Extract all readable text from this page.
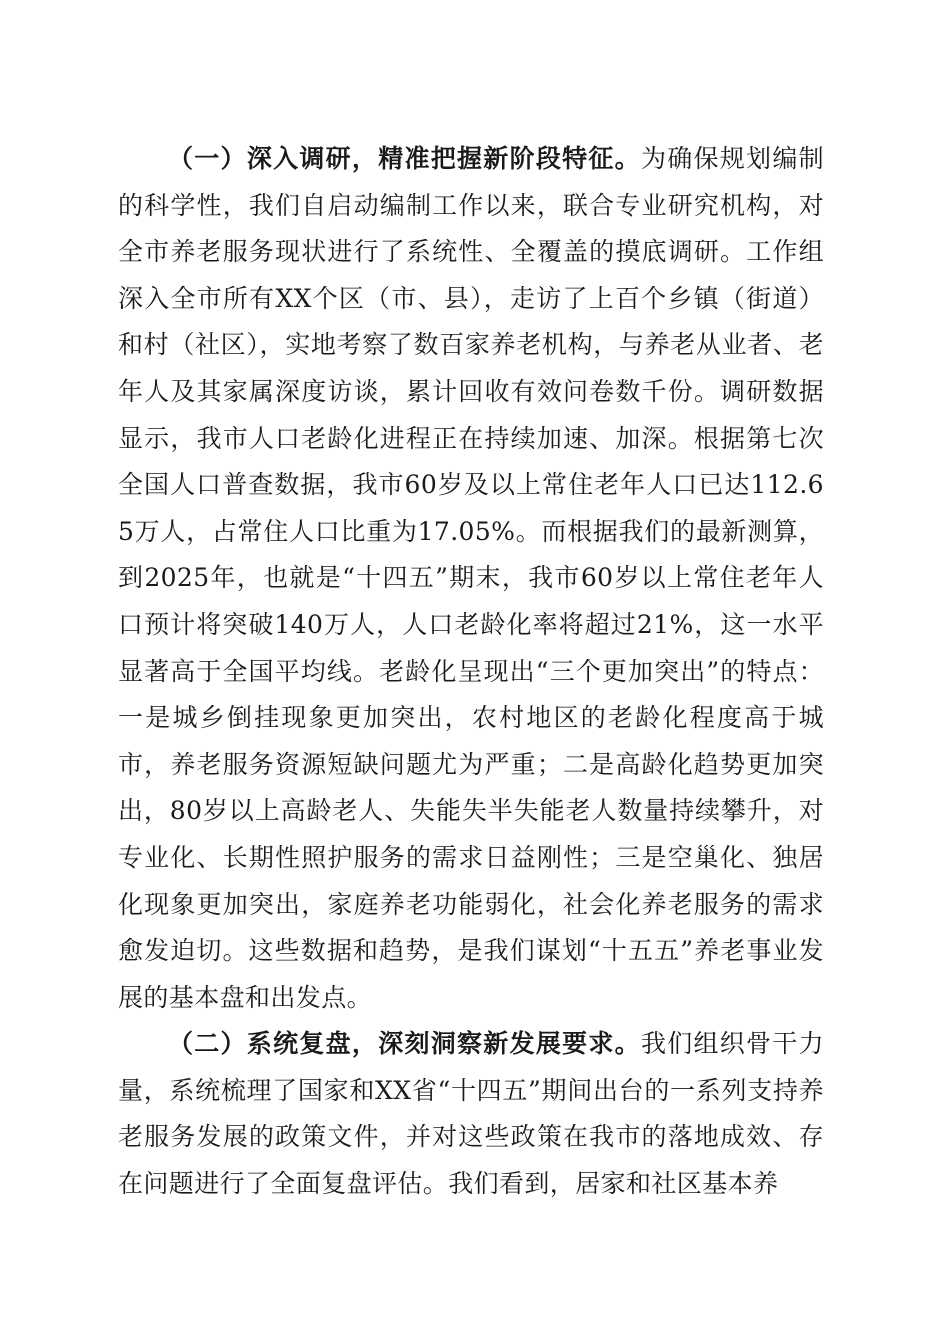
（一）深入调研，精准把握新阶段特征。为确保规划编制的科学性，我们自启动编制工作以来，联合专业研究机构，对全市养老服务现状进行了系统性、全覆盖的摸底调研。工作组深入全市所有XX个区（市、县），走访了上百个乡镇（街道）和村（社区），实地考察了数百家养老机构，与养老从业者、老年人及其家属深度访谈，累计回收有效问卷数千份。调研数据显示，我市人口老龄化进程正在持续加速、加深。根据第七次全国人口普查数据，我市60岁及以上常住老年人口已达112.65万人，占常住人口比重为17.05%。而根据我们的最新测算，到2025年，也就是“十四五”期末，我市60岁以上常住老年人口预计将突破140万人，人口老龄化率将超过21%，这一水平显著高于全国平均线。老龄化呈现出“三个更加突出”的特点：一是城乡倒挂现象更加突出，农村地区的老龄化程度高于城市，养老服务资源短缺问题尤为严重；二是高龄化趋势更加突出，80岁以上高龄老人、失能失半失能老人数量持续攀升，对专业化、长期性照护服务的需求日益刚性；三是空巢化、独居化现象更加突出，家庭养老功能弱化，社会化养老服务的需求愈发迫切。这些数据和趋势，是我们谋划“十五五”养老事业发展的基本盘和出发点。

（二）系统复盘，深刻洞察新发展要求。我们组织骨干力量，系统梳理了国家和XX省“十四五”期间出台的一系列支持养老服务发展的政策文件，并对这些政策在我市的落地成效、存在问题进行了全面复盘评估。我们看到，居家和社区基本养
